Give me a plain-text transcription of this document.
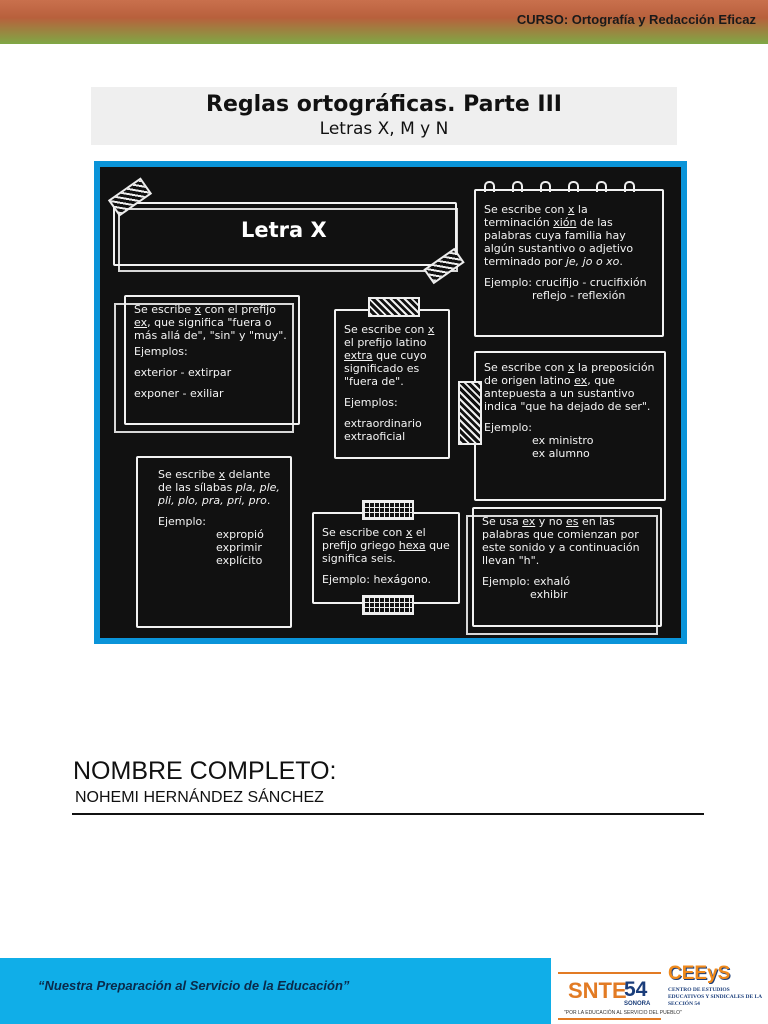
CURSO: Ortografía y Redacción Eficaz
Reglas ortográficas. Parte III
Letras X, M y N
Letra X

Se escribe con x la terminación xión de las palabras cuya familia hay algún sustantivo o adjetivo terminado por je, jo o xo.

Ejemplo: crucifijo - crucifixión

reflejo - reflexión

Se escribe x con el prefijo ex, que significa "fuera o más allá de", "sin" y "muy".

Ejemplos:

exterior - extirpar

exponer - exiliar

Se escribe con x el prefijo latino extra que cuyo significado es "fuera de".

Ejemplos:

extraordinario

extraoficial

Se escribe con x la preposición de origen latino ex, que antepuesta a un sustantivo indica "que ha dejado de ser".

Ejemplo:

ex ministro

ex alumno

Se escribe x delante de las sílabas pla, ple, pli, plo, pra, pri, pro.

Ejemplo:

expropió

exprimir

explícito

Se escribe con x el prefijo griego hexa que significa seis.

Ejemplo: hexágono.

Se usa ex y no es en las palabras que comienzan por este sonido y a continuación llevan "h".

Ejemplo: exhaló

exhibir

NOMBRE COMPLETO:
NOHEMI HERNÁNDEZ SÁNCHEZ
“Nuestra Preparación al Servicio de la Educación”	SNTE
54
SONORA
"POR LA EDUCACIÓN AL SERVICIO DEL PUEBLO"
CEEyS
CENTRO DE ESTUDIOS EDUCATIVOS Y SINDICALES DE LA SECCIÓN 54
